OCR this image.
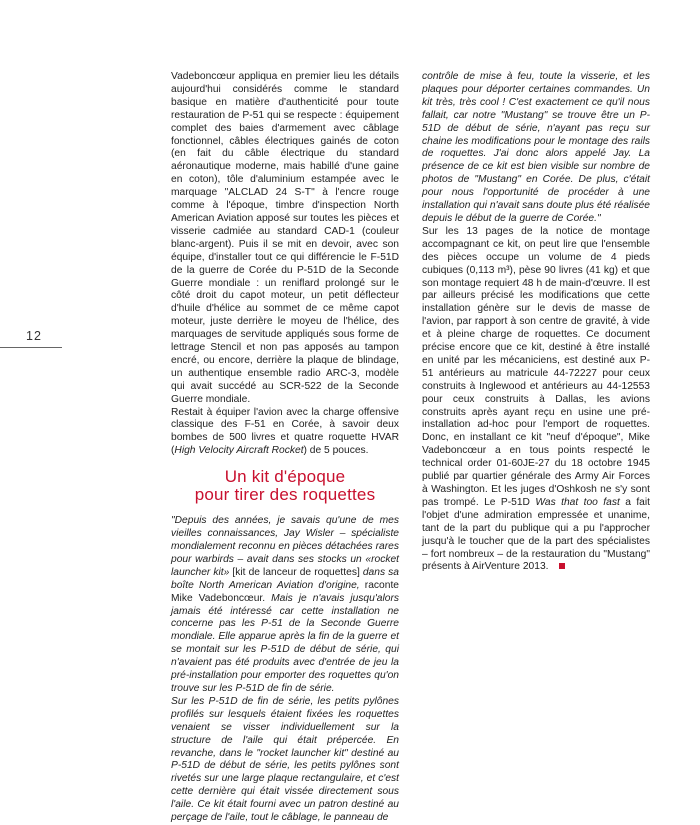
12

Vadeboncœur appliqua en premier lieu les détails aujourd'hui considérés comme le standard basique en matière d'authenticité pour toute restauration de P-51 qui se respecte : équipement complet des baies d'armement avec câblage fonctionnel, câbles électriques gainés de coton (en fait du câble électrique du standard aéronautique moderne, mais habillé d'une gaine en coton), tôle d'aluminium estampée avec le marquage "ALCLAD 24 S-T" à l'encre rouge comme à l'époque, timbre d'inspection North American Aviation apposé sur toutes les pièces et visserie cadmiée au standard CAD-1 (couleur blanc-argent). Puis il se mit en devoir, avec son équipe, d'installer tout ce qui différencie le F-51D de la guerre de Corée du P-51D de la Seconde Guerre mondiale : un reniflard prolongé sur le côté droit du capot moteur, un petit déflecteur d'huile d'hélice au sommet de ce même capot moteur, juste derrière le moyeu de l'hélice, des marquages de servitude appliqués sous forme de lettrage Stencil et non pas apposés au tampon encré, ou encore, derrière la plaque de blindage, un authentique ensemble radio ARC-3, modèle qui avait succédé au SCR-522 de la Seconde Guerre mondiale.

Restait à équiper l'avion avec la charge offensive classique des F-51 en Corée, à savoir deux bombes de 500 livres et quatre roquette HVAR (High Velocity Aircraft Rocket) de 5 pouces.

Un kit d'époque
pour tirer des roquettes

"Depuis des années, je savais qu'une de mes vieilles connaissances, Jay Wisler – spécialiste mondialement reconnu en pièces détachées rares pour warbirds – avait dans ses stocks un «rocket launcher kit» [kit de lanceur de roquettes] dans sa boîte North American Aviation d'origine, raconte Mike Vadeboncœur. Mais je n'avais jusqu'alors jamais été intéressé car cette installation ne concerne pas les P-51 de la Seconde Guerre mondiale. Elle apparue après la fin de la guerre et se montait sur les P-51D de début de série, qui n'avaient pas été produits avec d'entrée de jeu la pré-installation pour emporter des roquettes qu'on trouve sur les P-51D de fin de série.

Sur les P-51D de fin de série, les petits pylônes profilés sur lesquels étaient fixées les roquettes venaient se visser individuellement sur la structure de l'aile qui était prépercée. En revanche, dans le "rocket launcher kit" destiné au P-51D de début de série, les petits pylônes sont rivetés sur une large plaque rectangulaire, et c'est cette dernière qui était vissée directement sous l'aile. Ce kit était fourni avec un patron destiné au perçage de l'aile, tout le câblage, le panneau de

contrôle de mise à feu, toute la visserie, et les plaques pour déporter certaines commandes. Un kit très, très cool ! C'est exactement ce qu'il nous fallait, car notre "Mustang" se trouve être un P-51D de début de série, n'ayant pas reçu sur chaine les modifications pour le montage des rails de roquettes. J'ai donc alors appelé Jay. La présence de ce kit est bien visible sur nombre de photos de "Mustang" en Corée. De plus, c'était pour nous l'opportunité de procéder à une installation qui n'avait sans doute plus été réalisée depuis le début de la guerre de Corée."

Sur les 13 pages de la notice de montage accompagnant ce kit, on peut lire que l'ensemble des pièces occupe un volume de 4 pieds cubiques (0,113 m³), pèse 90 livres (41 kg) et que son montage requiert 48 h de main-d'œuvre. Il est par ailleurs précisé les modifications que cette installation génère sur le devis de masse de l'avion, par rapport à son centre de gravité, à vide et à pleine charge de roquettes. Ce document précise encore que ce kit, destiné à être installé en unité par les mécaniciens, est destiné aux P-51 antérieurs au matricule 44-72227 pour ceux construits à Inglewood et antérieurs au 44-12553 pour ceux construits à Dallas, les avions construits après ayant reçu en usine une pré-installation ad-hoc pour l'emport de roquettes. Donc, en installant ce kit "neuf d'époque", Mike Vadeboncœur a en tous points respecté le technical order 01-60JE-27 du 18 octobre 1945 publié par quartier générale des Army Air Forces à Washington. Et les juges d'Oshkosh ne s'y sont pas trompé. Le P-51D Was that too fast a fait l'objet d'une admiration empressée et unanime, tant de la part du publique qui a pu l'approcher jusqu'à le toucher que de la part des spécialistes – fort nombreux – de la restauration du "Mustang" présents à AirVenture 2013.
